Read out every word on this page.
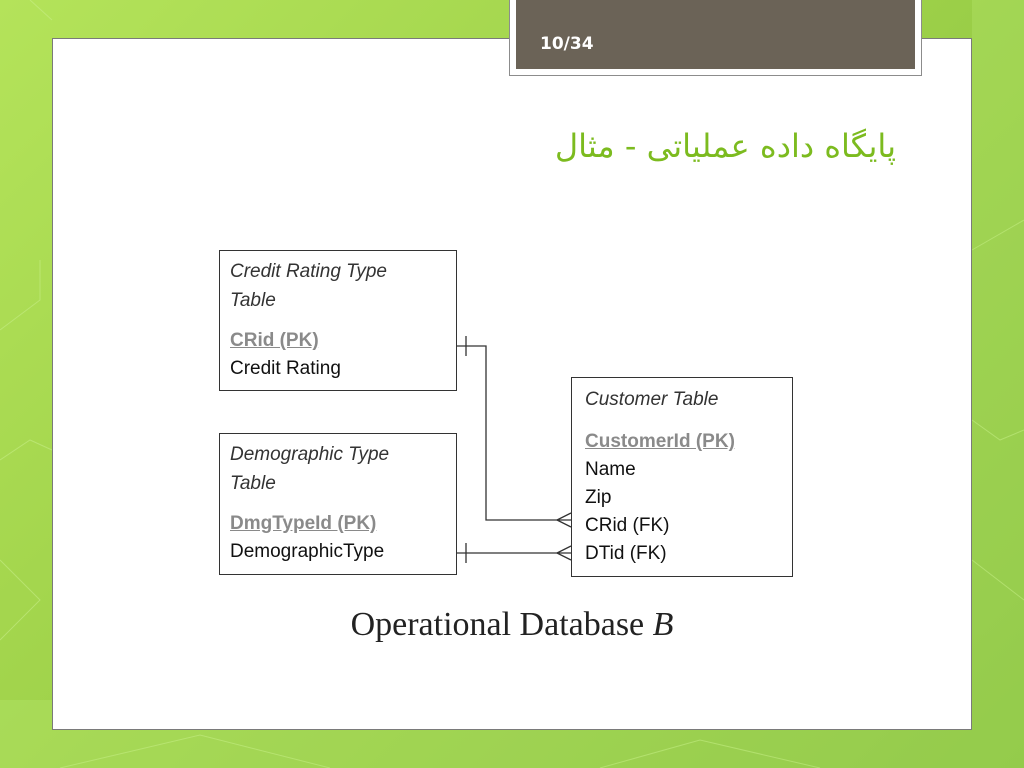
10/34
پایگاه داده عملیاتی - مثال
Credit Rating Type
Table
CRid (PK)
Credit Rating
Demographic Type
Table
DmgTypeId (PK)
DemographicType
Customer Table
CustomerId (PK)
Name
Zip
CRid (FK)
DTid (FK)
Operational Database B
